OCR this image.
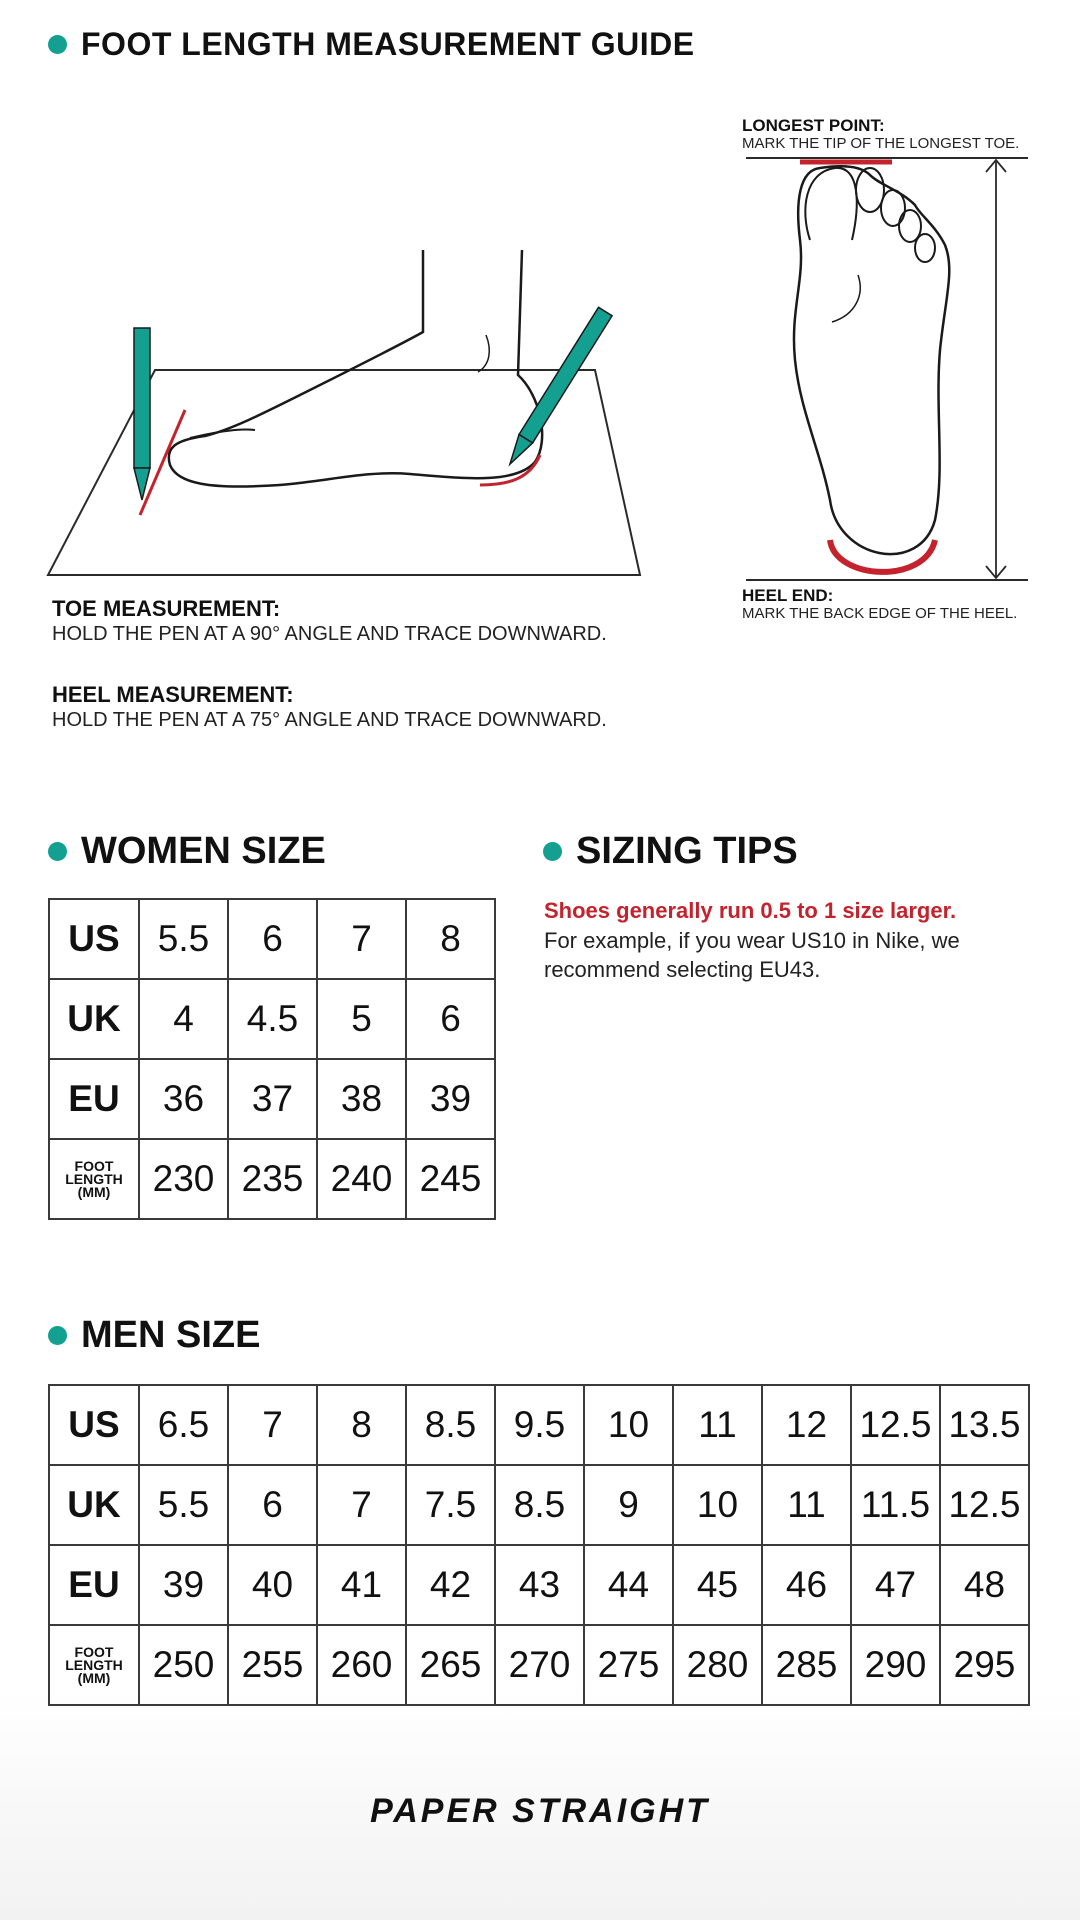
FOOT LENGTH MEASUREMENT GUIDE
LONGEST POINT:
MARK THE TIP OF THE LONGEST TOE.
HEEL END:
MARK THE BACK EDGE OF THE HEEL.
TOE MEASUREMENT:
HOLD THE PEN AT A 90° ANGLE AND TRACE DOWNWARD.
HEEL MEASUREMENT:
HOLD THE PEN AT A 75° ANGLE AND TRACE DOWNWARD.
WOMEN SIZE
US	5.5	6	7	8
UK	4	4.5	5	6
EU	36	37	38	39
FOOT LENGTH (MM)	230	235	240	245
SIZING TIPS
Shoes generally run 0.5 to 1 size larger.
For example, if you wear US10 in Nike, we recommend selecting EU43.
MEN SIZE
US	6.5	7	8	8.5	9.5	10	11	12	12.5	13.5
UK	5.5	6	7	7.5	8.5	9	10	11	11.5	12.5
EU	39	40	41	42	43	44	45	46	47	48
FOOT LENGTH (MM)	250	255	260	265	270	275	280	285	290	295
PAPER STRAIGHT
